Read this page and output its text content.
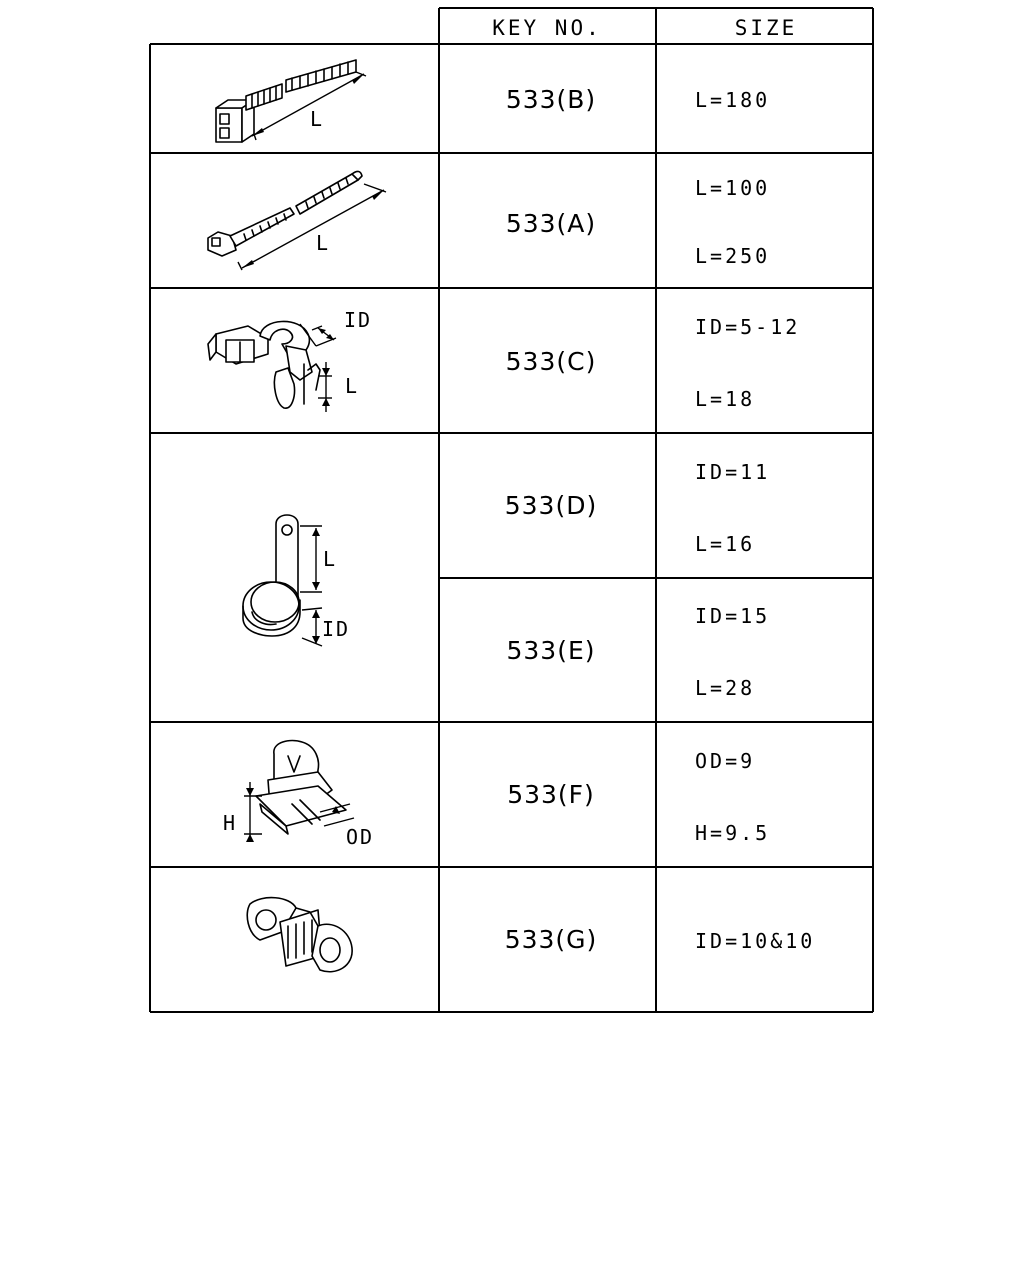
KEY NO.	SIZE
533(B)
533(A)
533(C)
533(D)
533(E)
533(F)
533(G)
L=180
L=100
L=250
ID=5-12
L=18
ID=11
L=16
ID=15
L=28
OD=9
H=9.5
ID=10&10
L
L
ID
L
L
ID
H
OD
